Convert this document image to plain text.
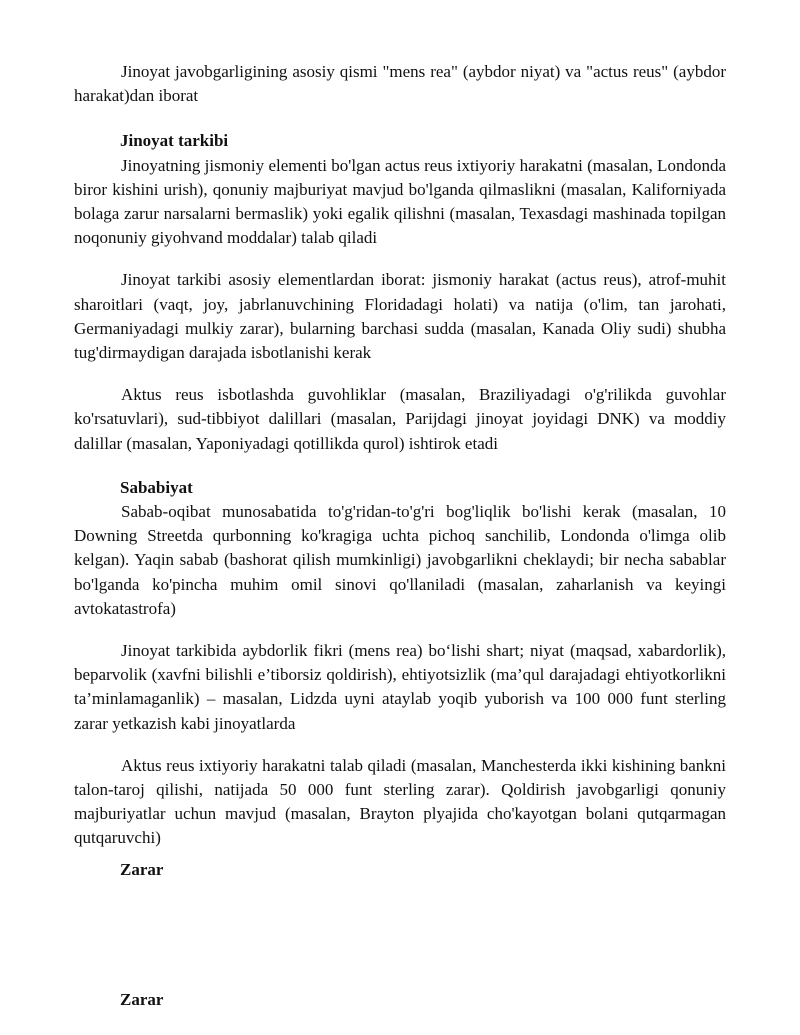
Jinoyat javobgarligining asosiy qismi "mens rea" (aybdor niyat) va "actus reus" (aybdor harakat)dan iborat

Jinoyat tarkibi

Jinoyatning jismoniy elementi bo'lgan actus reus ixtiyoriy harakatni (masalan, Londonda biror kishini urish), qonuniy majburiyat mavjud bo'lganda qilmaslikni (masalan, Kaliforniyada bolaga zarur narsalarni bermaslik) yoki egalik qilishni (masalan, Texasdagi mashinada topilgan noqonuniy giyohvand moddalar) talab qiladi

Jinoyat tarkibi asosiy elementlardan iborat: jismoniy harakat (actus reus), atrof-muhit sharoitlari (vaqt, joy, jabrlanuvchining Floridadagi holati) va natija (o'lim, tan jarohati, Germaniyadagi mulkiy zarar), bularning barchasi sudda (masalan, Kanada Oliy sudi) shubha tug'dirmaydigan darajada isbotlanishi kerak

Aktus reus isbotlashda guvohliklar (masalan, Braziliyadagi o'g'rilikda guvohlar ko'rsatuvlari), sud-tibbiyot dalillari (masalan, Parijdagi jinoyat joyidagi DNK) va moddiy dalillar (masalan, Yaponiyadagi qotillikda qurol) ishtirok etadi

Sababiyat

Sabab-oqibat munosabatida to'g'ridan-to'g'ri bog'liqlik bo'lishi kerak (masalan, 10 Downing Streetda qurbonning ko'kragiga uchta pichoq sanchilib, Londonda o'limga olib kelgan). Yaqin sabab (bashorat qilish mumkinligi) javobgarlikni cheklaydi; bir necha sabablar bo'lganda ko'pincha muhim omil sinovi qo'llaniladi (masalan, zaharlanish va keyingi avtokatastrofa)

Jinoyat tarkibida aybdorlik fikri (mens rea) bo‘lishi shart; niyat (maqsad, xabardorlik), beparvolik (xavfni bilishli e’tiborsiz qoldirish), ehtiyotsizlik (ma’qul darajadagi ehtiyotkorlikni ta’minlamaganlik) – masalan, Lidzda uyni ataylab yoqib yuborish va 100 000 funt sterling zarar yetkazish kabi jinoyatlarda

Aktus reus ixtiyoriy harakatni talab qiladi (masalan, Manchesterda ikki kishining bankni talon-taroj qilishi, natijada 50 000 funt sterling zarar). Qoldirish javobgarligi qonuniy majburiyatlar uchun mavjud (masalan, Brayton plyajida cho'kayotgan bolani qutqarmagan qutqaruvchi)

Zarar

Zarar
